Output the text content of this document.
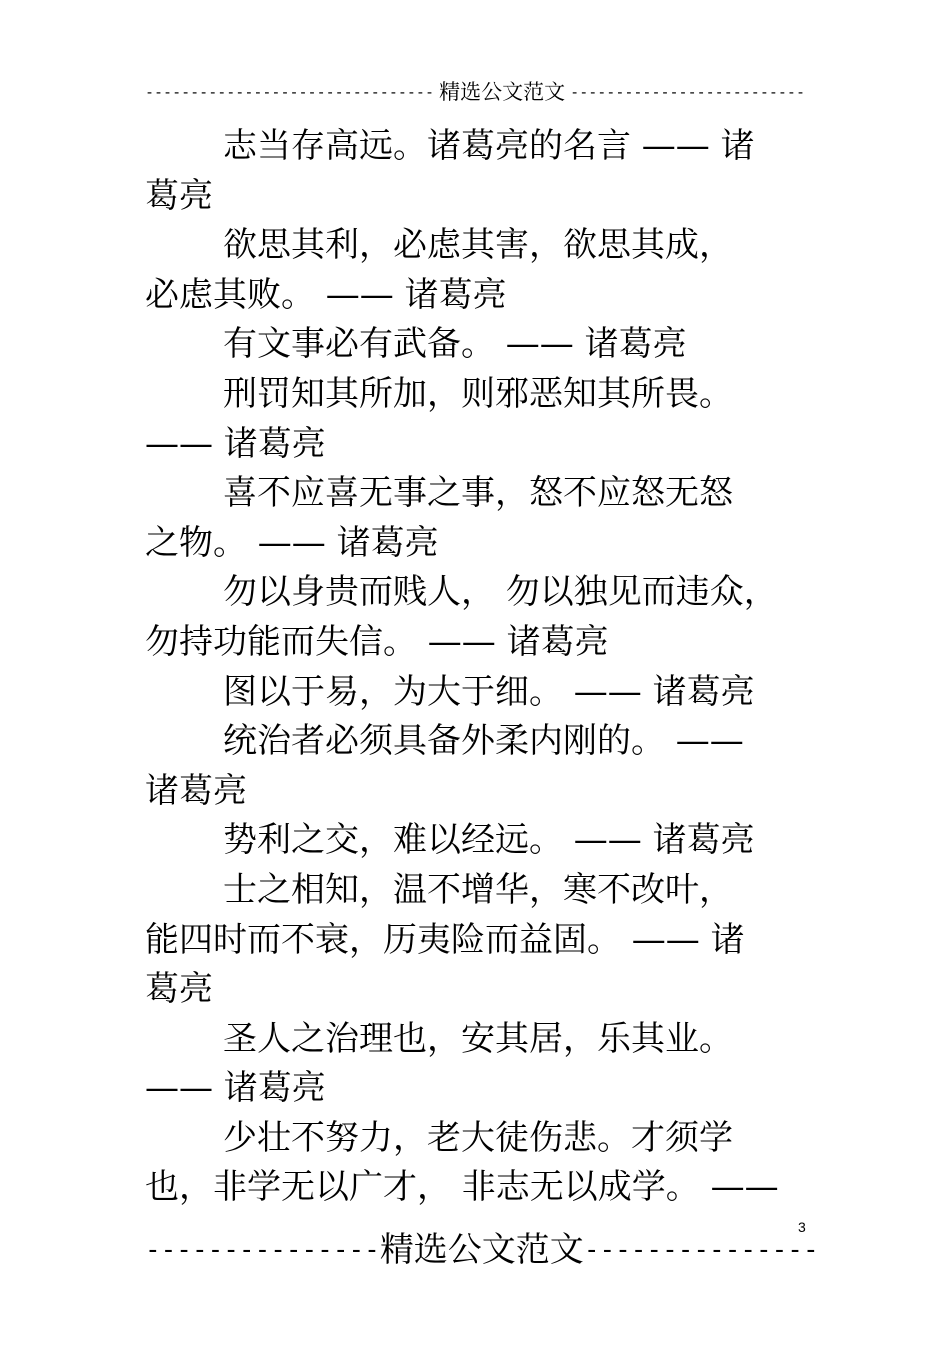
-------------------------------- 精选公文范文 --------------------------
志当存高远。诸葛亮的名言 —— 诸
葛亮
欲思其利，必虑其害，欲思其成，
必虑其败。 —— 诸葛亮
有文事必有武备。 —— 诸葛亮
刑罚知其所加，则邪恶知其所畏。
—— 诸葛亮
喜不应喜无事之事，怒不应怒无怒
之物。 —— 诸葛亮
勿以身贵而贱人， 勿以独见而违众，
勿持功能而失信。 —— 诸葛亮
图以于易，为大于细。 —— 诸葛亮
统治者必须具备外柔内刚的。 ——
诸葛亮
势利之交，难以经远。 —— 诸葛亮
士之相知，温不增华，寒不改叶，
能四时而不衰，历夷险而益固。 —— 诸
葛亮
圣人之治理也，安其居，乐其业。
—— 诸葛亮
少壮不努力，老大徒伤悲。才须学
也，非学无以广才， 非志无以成学。 ——
3
--------------- 精选公文范文 ---------------
